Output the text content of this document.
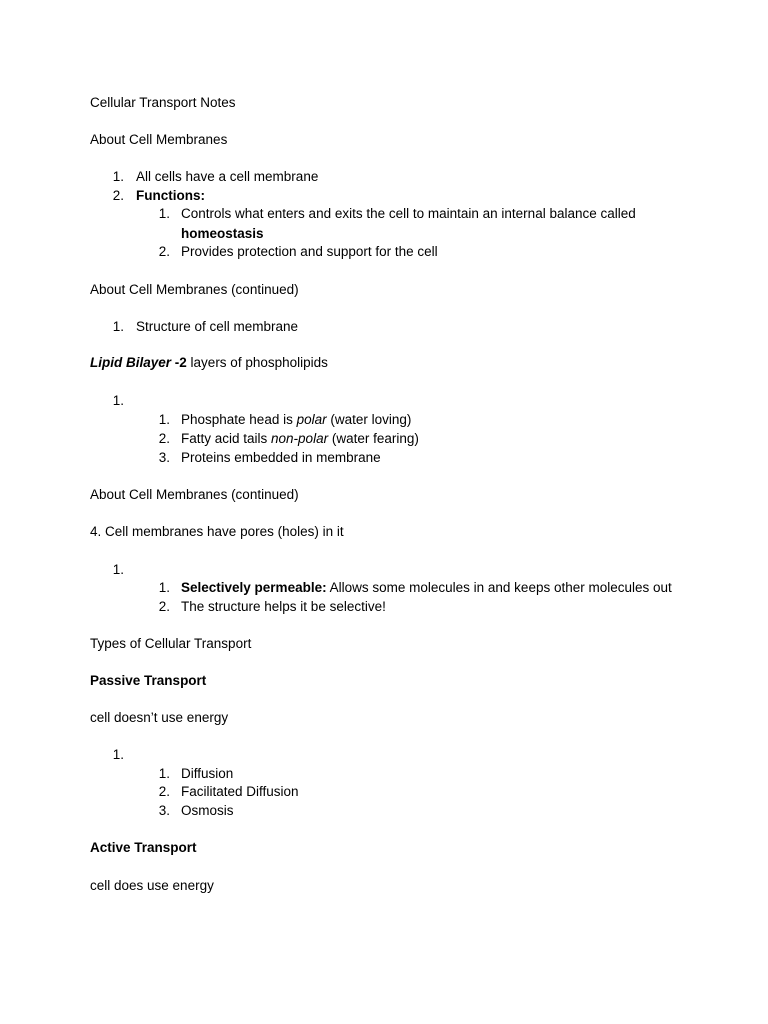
Cellular Transport Notes
About Cell Membranes
1. All cells have a cell membrane
2. Functions:
1. Controls what enters and exits the cell to maintain an internal balance called
homeostasis
2. Provides protection and support for the cell
About Cell Membranes (continued)
1. Structure of cell membrane
Lipid Bilayer -2 layers of phospholipids
1.
1. Phosphate head is polar (water loving)
2. Fatty acid tails non-polar (water fearing)
3. Proteins embedded in membrane
About Cell Membranes (continued)
4. Cell membranes have pores (holes) in it
1.
1. Selectively permeable: Allows some molecules in and keeps other molecules out
2. The structure helps it be selective!
Types of Cellular Transport
Passive Transport
cell doesn’t use energy
1.
1. Diffusion
2. Facilitated Diffusion
3. Osmosis
Active Transport
cell does use energy
